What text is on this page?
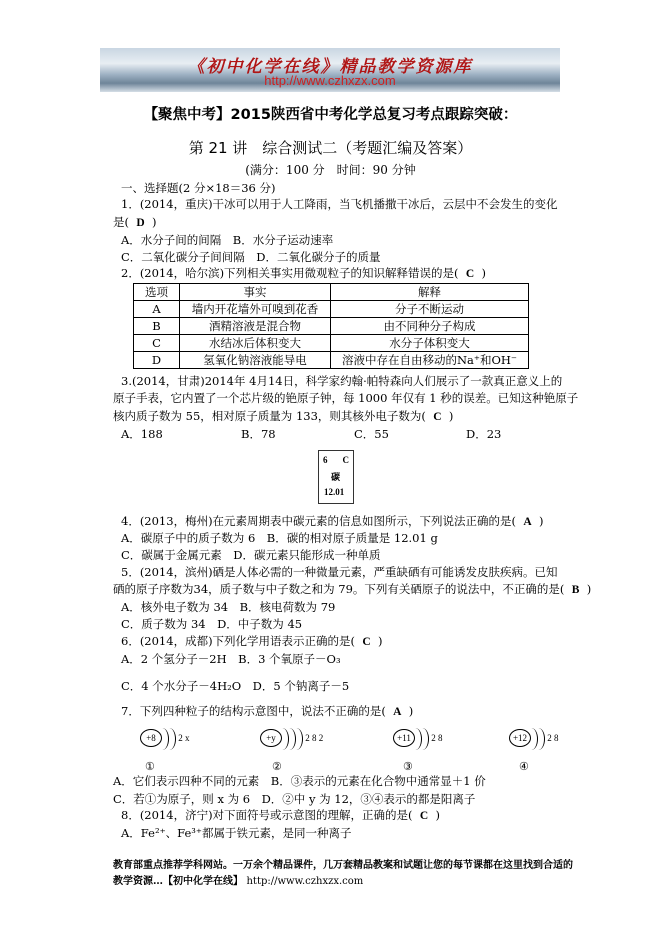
《初中化学在线》精品教学资源库
http://www.czhxzx.com
【聚焦中考】2015陕西省中考化学总复习考点跟踪突破：
第 21 讲　综合测试二（考题汇编及答案）
(满分：100 分　时间：90 分钟
一、选择题(2 分×18＝36 分)
1．(2014，重庆)干冰可以用于人工降雨，当飞机播撒干冰后，云层中不会发生的变化
是( D )
A．水分子间的间隔　B．水分子运动速率
C．二氧化碳分子间间隔　D．二氧化碳分子的质量
2．(2014，哈尔滨)下列相关事实用微观粒子的知识解释错误的是( C )
选项	事实	解释
A	墙内开花墙外可嗅到花香	分子不断运动
B	酒精溶液是混合物	由不同种分子构成
C	水结冰后体积变大	水分子体积变大
D	氢氧化钠溶液能导电	溶液中存在自由移动的Na⁺和OH⁻
3.(2014，甘肃)2014年 4月14日，科学家约翰·帕特森向人们展示了一款真正意义上的
原子手表，它内置了一个芯片级的铯原子钟，每 1000 年仅有 1 秒的误差。已知这种铯原子
核内质子数为 55，相对原子质量为 133，则其核外电子数为( C )
A．188	B．78	C．55	D．23
6 C
碳
12.01
4．(2013，梅州)在元素周期表中碳元素的信息如图所示，下列说法正确的是( A )
A．碳原子中的质子数为 6　B．碳的相对原子质量是 12.01 g
C．碳属于金属元素　D．碳元素只能形成一种单质
5．(2014，滨州)硒是人体必需的一种微量元素，严重缺硒有可能诱发皮肤疾病。已知
硒的原子序数为34，质子数与中子数之和为 79。下列有关硒原子的说法中，不正确的是( B )
A．核外电子数为 34　B．核电荷数为 79
C．质子数为 34　D．中子数为 45
6．(2014，成都)下列化学用语表示正确的是( C )
A．2 个氢分子－2H　B．3 个氧原子－O₃
C．4 个水分子－4H₂O　D．5 个钠离子－5
7．下列四种粒子的结构示意图中，说法不正确的是( A )
+8 2 x	+y	2 8 2	+11 2 8	+12 2 8
①	②	③	④
A．它们表示四种不同的元素　B．③表示的元素在化合物中通常显＋1 价
C．若①为原子，则 x 为 6　D．②中 y 为 12，③④表示的都是阳离子
8．(2014，济宁)对下面符号或示意图的理解，正确的是( C )
A．Fe²⁺、Fe³⁺都属于铁元素，是同一种离子
教育部重点推荐学科网站。一万余个精品课件，几万套精品教案和试题让您的每节课都在这里找到合适的
教学资源…【初中化学在线】 http://www.czhxzx.com
